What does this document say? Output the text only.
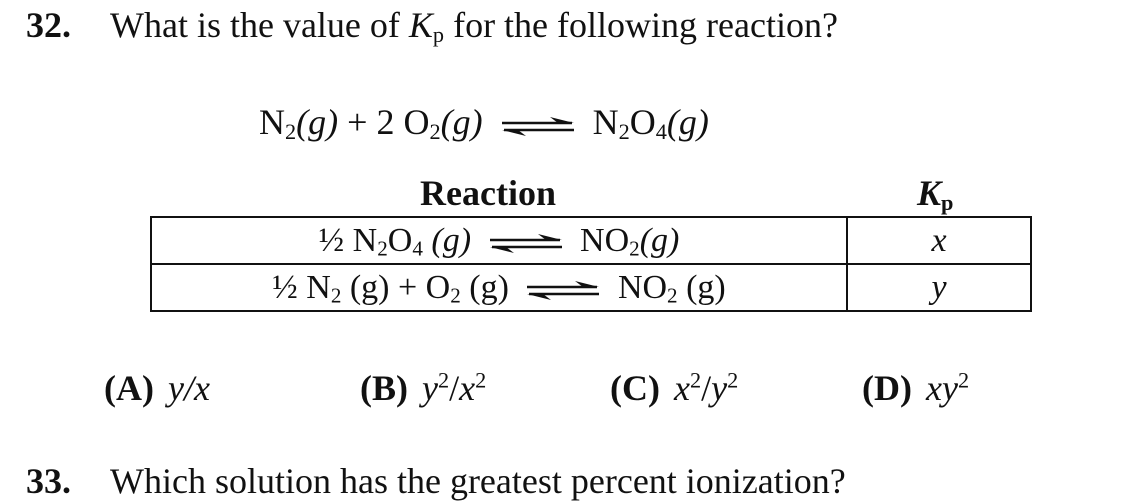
32. What is the value of $K_p$ for the following reaction?
$N_2(g) + 2$ $O_2(g)$ ⇌ $N_2O_4(g)$
Reaction	$K_p$
½ $N_2O_4$ (g) ⇌ $NO_2(g)$	x
½ $N_2$ $(g) + O_2$ (g) ⇌ $NO_2$ (g)	y
(A) y/x	(B) $y^2/x^2$	(C) $x^2/y^2$	(D) $xy^2$
33. Which solution has the greatest percent ionization?
